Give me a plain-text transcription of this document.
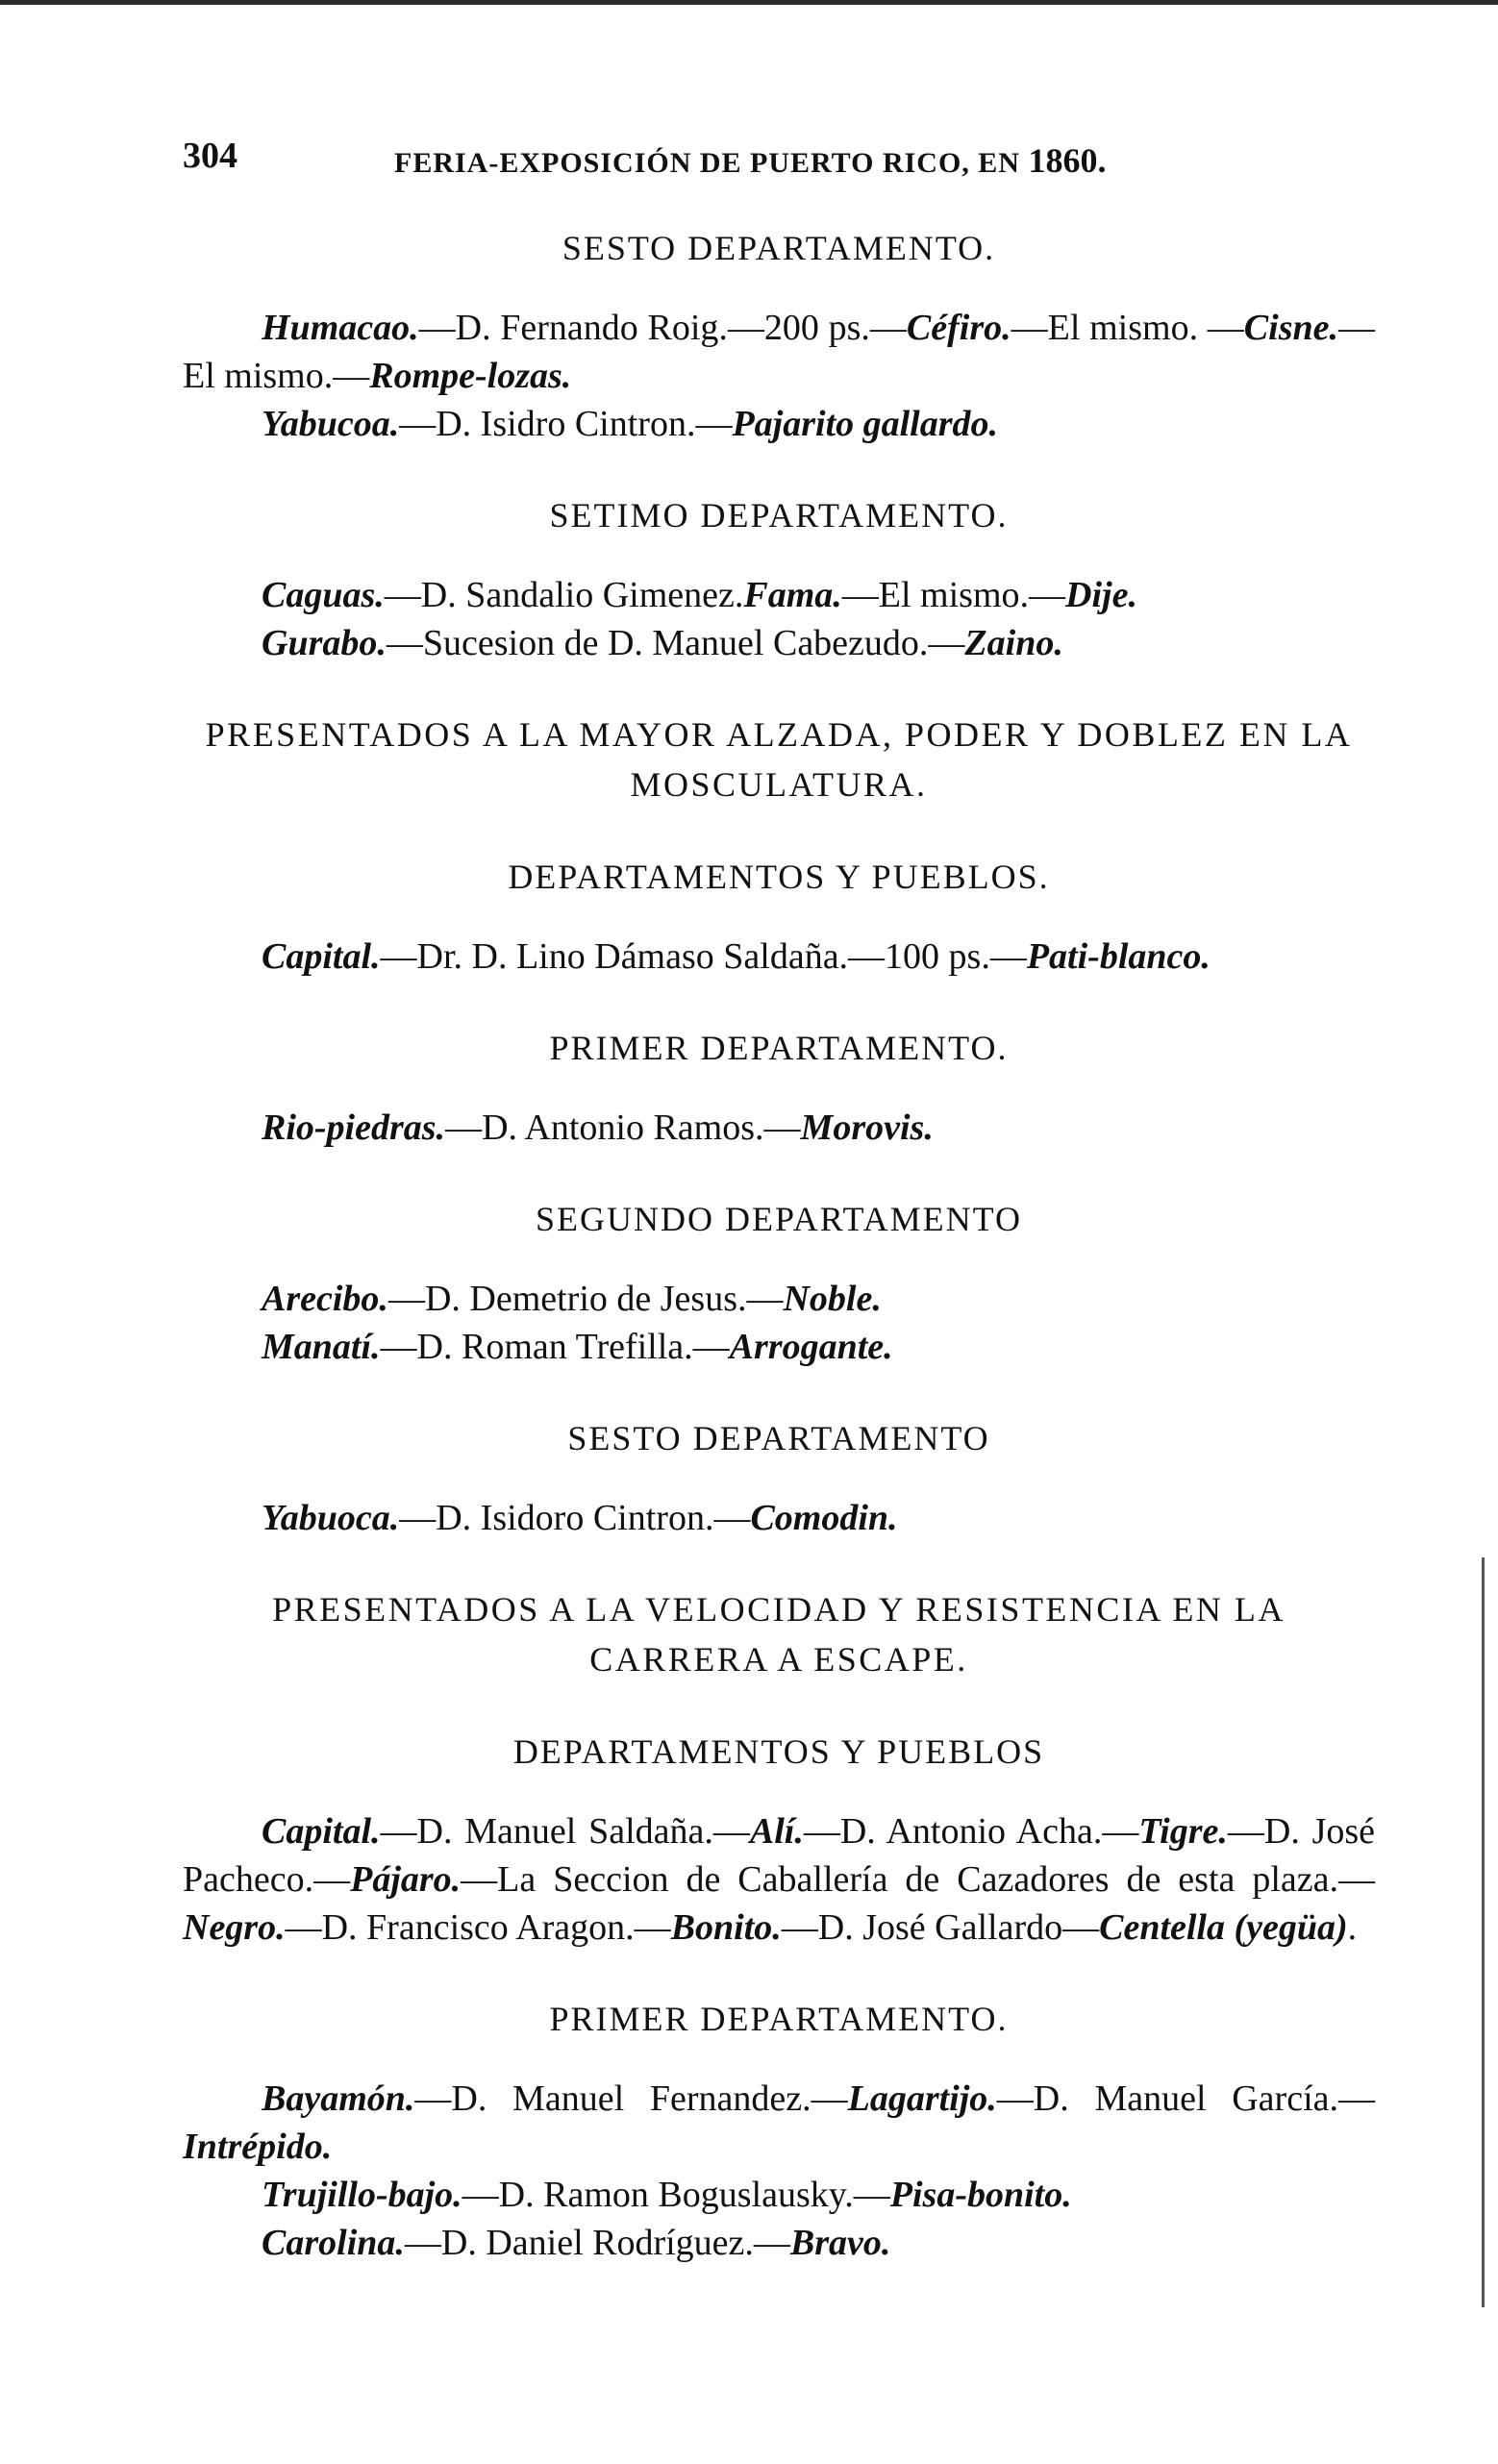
304	FERIA-EXPOSICIÓN DE PUERTO RICO, EN 1860.
SESTO DEPARTAMENTO.

Humacao.—D. Fernando Roig.—200 ps.—Céfiro.—El mismo. —Cisne.—El mismo.—Rompe-lozas.

Yabucoa.—D. Isidro Cintron.—Pajarito gallardo.

SETIMO DEPARTAMENTO.

Caguas.—D. Sandalio Gimenez.Fama.—El mismo.—Dije.

Gurabo.—Sucesion de D. Manuel Cabezudo.—Zaino.

PRESENTADOS A LA MAYOR ALZADA, PODER Y DOBLEZ EN LA MOSCULATURA.
DEPARTAMENTOS Y PUEBLOS.

Capital.—Dr. D. Lino Dámaso Saldaña.—100 ps.—Pati-blanco.

PRIMER DEPARTAMENTO.

Rio-piedras.—D. Antonio Ramos.—Morovis.

SEGUNDO DEPARTAMENTO

Arecibo.—D. Demetrio de Jesus.—Noble.

Manatí.—D. Roman Trefilla.—Arrogante.

SESTO DEPARTAMENTO

Yabuoca.—D. Isidoro Cintron.—Comodin.

PRESENTADOS A LA VELOCIDAD Y RESISTENCIA EN LA CARRERA A ESCAPE.
DEPARTAMENTOS Y PUEBLOS

Capital.—D. Manuel Saldaña.—Alí.—D. Antonio Acha.—Tigre.—D. José Pacheco.—Pájaro.—La Seccion de Caballería de Cazadores de esta plaza.—Negro.—D. Francisco Aragon.—Bonito.—D. José Gallardo—Centella (yegüa).

PRIMER DEPARTAMENTO.

Bayamón.—D. Manuel Fernandez.—Lagartijo.—D. Manuel García.—Intrépido.

Trujillo-bajo.—D. Ramon Boguslausky.—Pisa-bonito.

Carolina.—D. Daniel Rodríguez.—Bravo.
